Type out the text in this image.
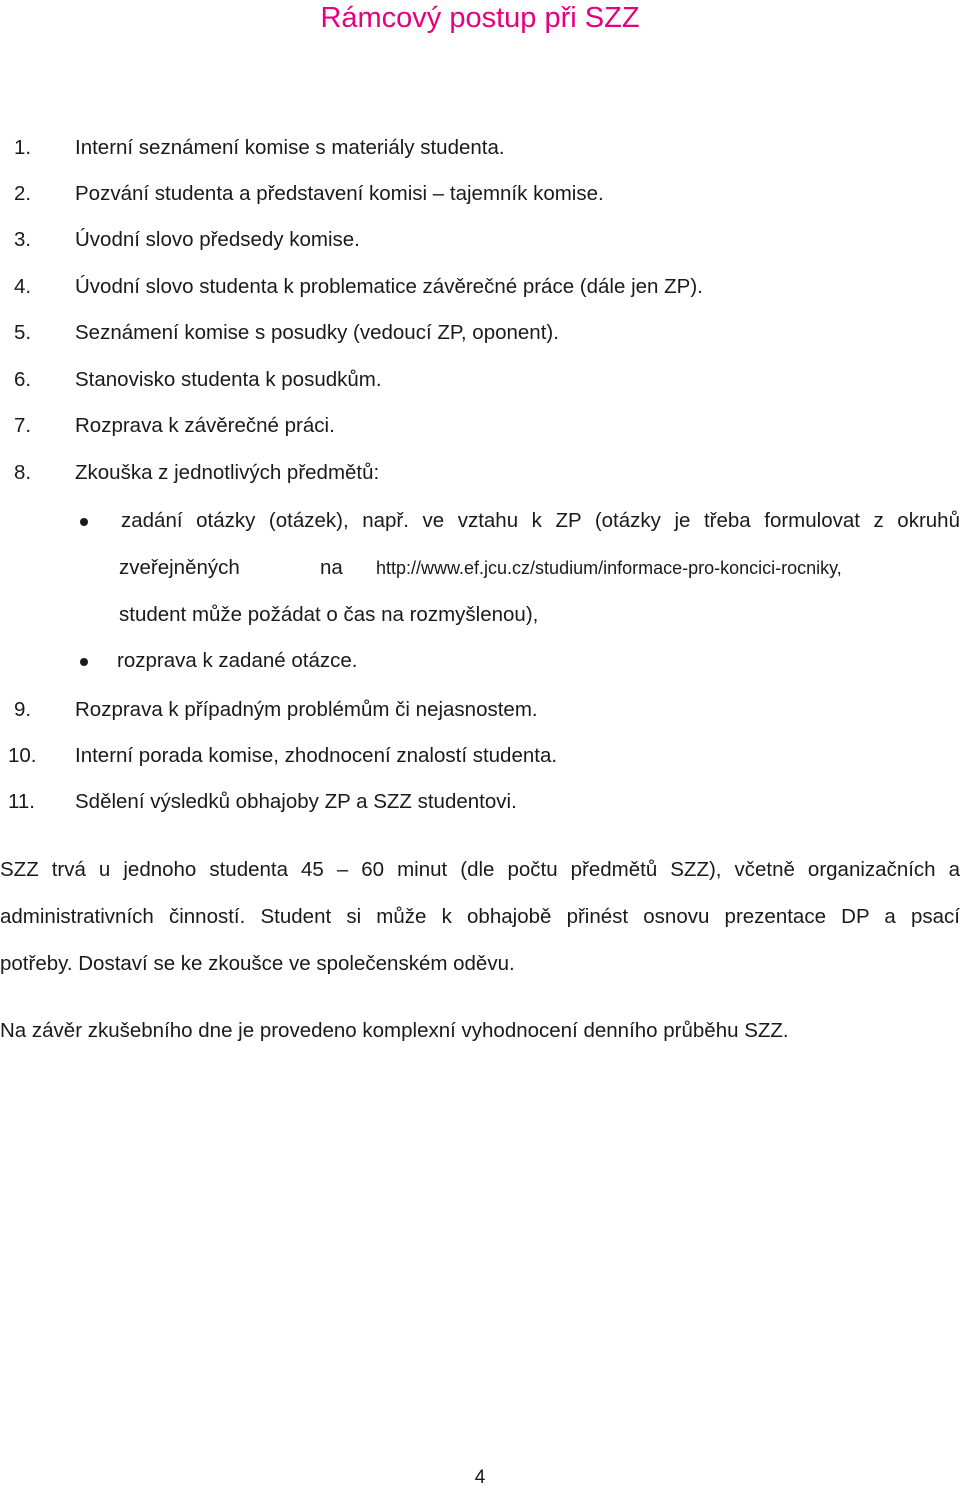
Rámcový postup při SZZ
1. Interní seznámení komise s materiály studenta.
2. Pozvání studenta a představení komisi – tajemník komise.
3. Úvodní slovo předsedy komise.
4. Úvodní slovo studenta k problematice závěrečné práce (dále jen ZP).
5. Seznámení komise s posudky (vedoucí ZP, oponent).
6. Stanovisko studenta k posudkům.
7. Rozprava k závěrečné práci.
8. Zkouška z jednotlivých předmětů:
zadání otázky (otázek), např. ve vztahu k ZP (otázky je třeba formulovat z okruhů
zveřejněných	na http://www.ef.jcu.cz/studium/informace-pro-koncici-rocniky,
student může požádat o čas na rozmyšlenou),
rozprava k zadané otázce.
9. Rozprava k případným problémům či nejasnostem.
10. Interní porada komise, zhodnocení znalostí studenta.
11. Sdělení výsledků obhajoby ZP a SZZ studentovi.
SZZ trvá u jednoho studenta 45 – 60 minut (dle počtu předmětů SZZ), včetně organizačních a
administrativních činností. Student si může k obhajobě přinést osnovu prezentace DP a psací
potřeby. Dostaví se ke zkoušce ve společenském oděvu.
Na závěr zkušebního dne je provedeno komplexní vyhodnocení denního průběhu SZZ.
4
